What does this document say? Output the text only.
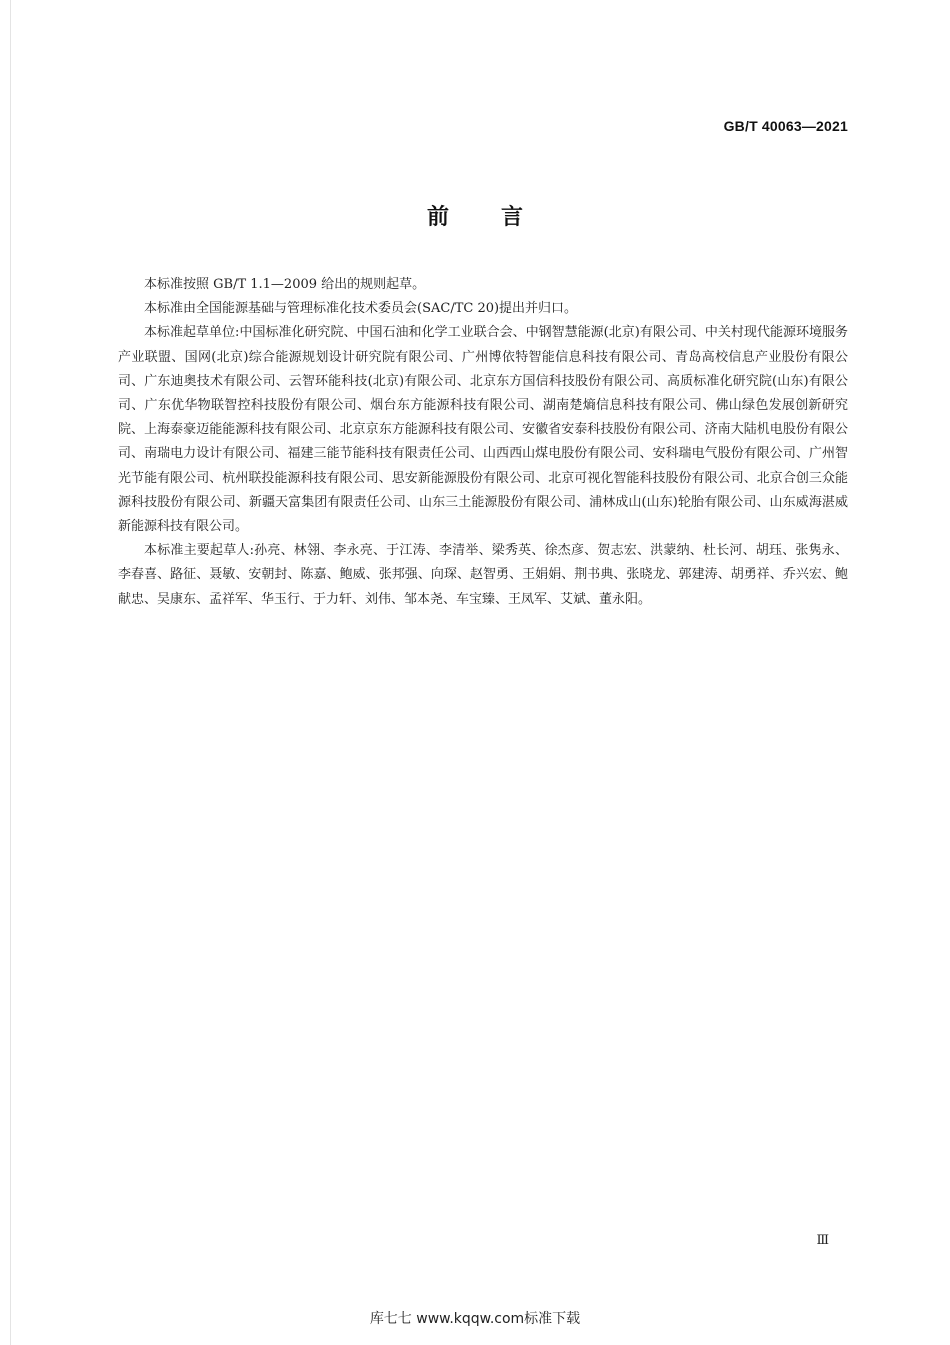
GB/T 40063—2021
前言

本标准按照 GB/T 1.1—2009 给出的规则起草。

本标准由全国能源基础与管理标准化技术委员会(SAC/TC 20)提出并归口。

本标准起草单位:中国标准化研究院、中国石油和化学工业联合会、中钢智慧能源(北京)有限公司、中关村现代能源环境服务产业联盟、国网(北京)综合能源规划设计研究院有限公司、广州博依特智能信息科技有限公司、青岛高校信息产业股份有限公司、广东迪奥技术有限公司、云智环能科技(北京)有限公司、北京东方国信科技股份有限公司、高质标准化研究院(山东)有限公司、广东优华物联智控科技股份有限公司、烟台东方能源科技有限公司、湖南楚熵信息科技有限公司、佛山绿色发展创新研究院、上海泰豪迈能能源科技有限公司、北京京东方能源科技有限公司、安徽省安泰科技股份有限公司、济南大陆机电股份有限公司、南瑞电力设计有限公司、福建三能节能科技有限责任公司、山西西山煤电股份有限公司、安科瑞电气股份有限公司、广州智光节能有限公司、杭州联投能源科技有限公司、思安新能源股份有限公司、北京可视化智能科技股份有限公司、北京合创三众能源科技股份有限公司、新疆天富集团有限责任公司、山东三土能源股份有限公司、浦林成山(山东)轮胎有限公司、山东威海湛威新能源科技有限公司。

本标准主要起草人:孙亮、林翎、李永亮、于江涛、李清举、梁秀英、徐杰彦、贺志宏、洪蒙纳、杜长河、胡珏、张隽永、李春喜、路征、聂敏、安朝封、陈嘉、鲍威、张邦强、向琛、赵智勇、王娟娟、荆书典、张晓龙、郭建涛、胡勇祥、乔兴宏、鲍献忠、吴康东、孟祥军、华玉行、于力轩、刘伟、邹本尧、车宝臻、王凤军、艾斌、董永阳。

Ⅲ
库七七 www.kqqw.com标准下载
